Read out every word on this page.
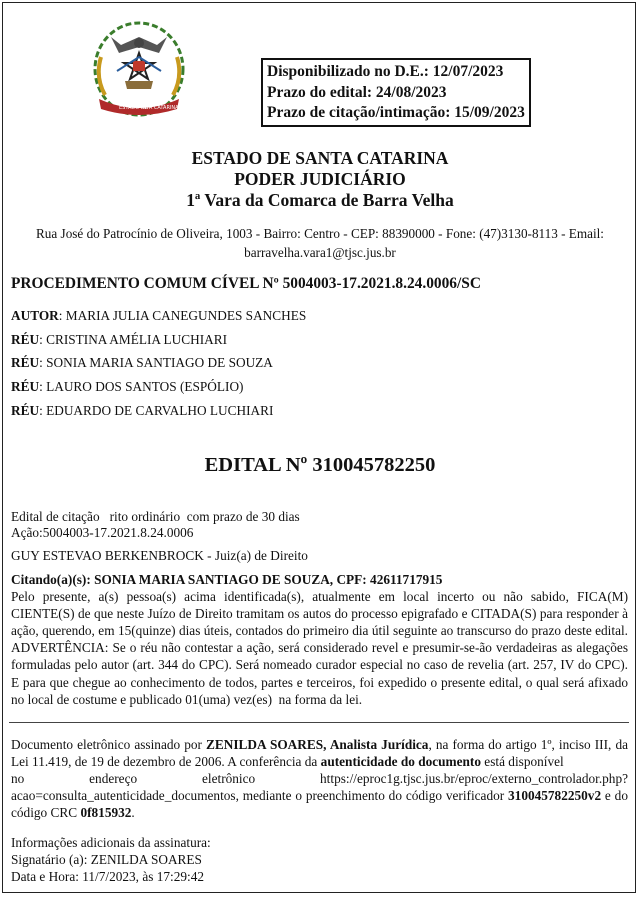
ESTADO DE
STA CATARINA
Disponibilizado no D.E.: 12/07/2023
Prazo do edital: 24/08/2023
Prazo de citação/intimação: 15/09/2023
ESTADO DE SANTA CATARINA
PODER JUDICIÁRIO
1ª Vara da Comarca de Barra Velha
Rua José do Patrocínio de Oliveira, 1003 - Bairro: Centro - CEP: 88390000 - Fone: (47)3130-8113 - Email:
barravelha.vara1@tjsc.jus.br
PROCEDIMENTO COMUM CÍVEL Nº 5004003-17.2021.8.24.0006/SC
AUTOR: MARIA JULIA CANEGUNDES SANCHES
RÉU: CRISTINA AMÉLIA LUCHIARI
RÉU: SONIA MARIA SANTIAGO DE SOUZA
RÉU: LAURO DOS SANTOS (ESPÓLIO)
RÉU: EDUARDO DE CARVALHO LUCHIARI
EDITAL Nº 310045782250
Edital de citação   rito ordinário  com prazo de 30 dias
Ação:5004003-17.2021.8.24.0006
GUY ESTEVAO BERKENBROCK - Juiz(a) de Direito
Citando(a)(s): SONIA MARIA SANTIAGO DE SOUZA, CPF: 42611717915
Pelo presente, a(s) pessoa(s) acima identificada(s), atualmente em local incerto ou não sabido, FICA(M) CIENTE(S) de que neste Juízo de Direito tramitam os autos do processo epigrafado e CITADA(S) para responder à ação, querendo, em 15(quinze) dias úteis, contados do primeiro dia útil seguinte ao transcurso do prazo deste edital. ADVERTÊNCIA: Se o réu não contestar a ação, será considerado revel e presumir-se-ão verdadeiras as alegações formuladas pelo autor (art. 344 do CPC). Será nomeado curador especial no caso de revelia (art. 257, IV do CPC). E para que chegue ao conhecimento de todos, partes e terceiros, foi expedido o presente edital, o qual será afixado no local de costume e publicado 01(uma) vez(es)  na forma da lei.
Documento eletrônico assinado por ZENILDA SOARES, Analista Jurídica, na forma do artigo 1º, inciso III, da Lei 11.419, de 19 de dezembro de 2006. A conferência da autenticidade do documento está disponível
no	endereço	eletrônico	https://eproc1g.tjsc.jus.br/eproc/externo_controlador.php?
acao=consulta_autenticidade_documentos, mediante o preenchimento do código verificador 310045782250v2 e do código CRC 0f815932.
Informações adicionais da assinatura:
Signatário (a): ZENILDA SOARES
Data e Hora: 11/7/2023, às 17:29:42
